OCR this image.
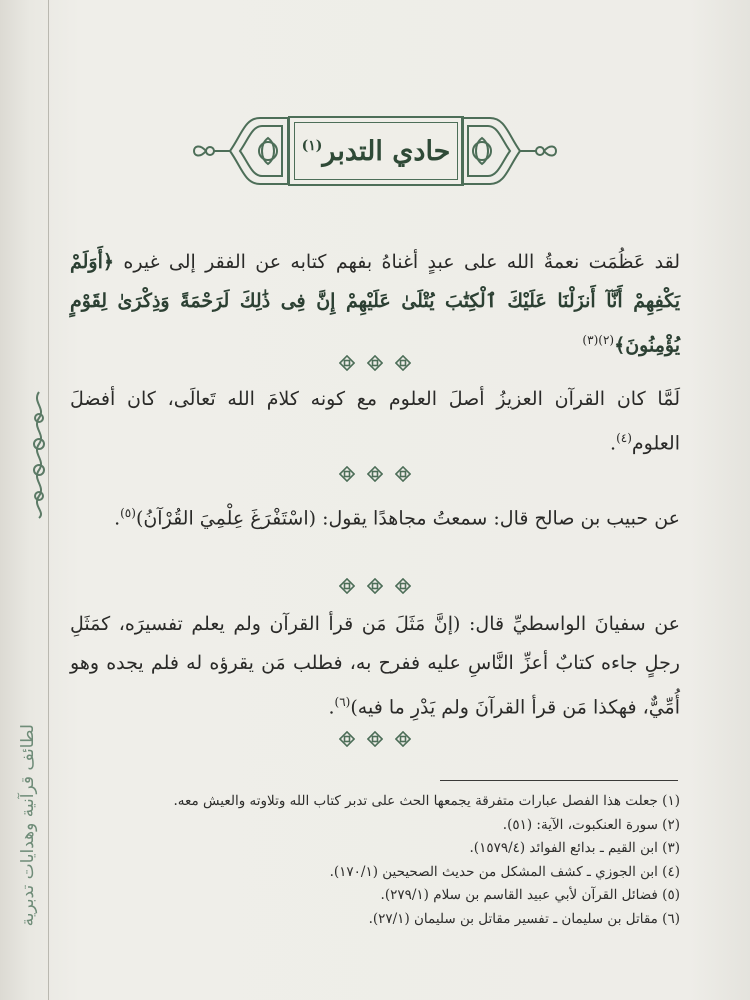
لطائف قرآنية وهدايات تدبرية
حادي التدبر$^{(١)}$
لقد عَظُمَت نعمةُ الله على عبدٍ أغناهُ بفهم كتابه عن الفقر إلى غيره ﴿أَوَلَمْ يَكْفِهِمْ أَنَّآ أَنزَلْنَا عَلَيْكَ ٱلْكِتَٰبَ يُتْلَىٰ عَلَيْهِمْ إِنَّ فِى ذَٰلِكَ لَرَحْمَةً وَذِكْرَىٰ لِقَوْمٍ يُؤْمِنُونَ﴾$^{(٢)(٣)}$
لَمَّا كان القرآن العزيزُ أصلَ العلوم مع كونه كلامَ الله تَعالَى، كان أفضلَ العلوم$^{(٤)}$.
عن حبيب بن صالح قال: سمعتُ مجاهدًا يقول: (اسْتَفْرَغَ عِلْمِيَ القُرْآنُ)$^{(٥)}$.
عن سفيانَ الواسطيِّ قال: (إنَّ مَثَلَ مَن قرأ القرآن ولم يعلم تفسيرَه، كمَثَلِ رجلٍ جاءه كتابٌ أعزِّ النَّاسِ عليه ففرح به، فطلب مَن يقرؤه له فلم يجده وهو أُمِّيٌّ، فهكذا مَن قرأ القرآنَ ولم يَدْرِ ما فيه)$^{(٦)}$.
(١) جعلت هذا الفصل عبارات متفرقة يجمعها الحث على تدبر كتاب الله وتلاوته والعيش معه.
(٢) سورة العنكبوت، الآية: (٥١).
(٣) ابن القيم ـ بدائع الفوائد (١٥٧٩/٤).
(٤) ابن الجوزي ـ كشف المشكل من حديث الصحيحين (١٧٠/١).
(٥) فضائل القرآن لأبي عبيد القاسم بن سلام (٢٧٩/١).
(٦) مقاتل بن سليمان ـ تفسير مقاتل بن سليمان (٢٧/١).
